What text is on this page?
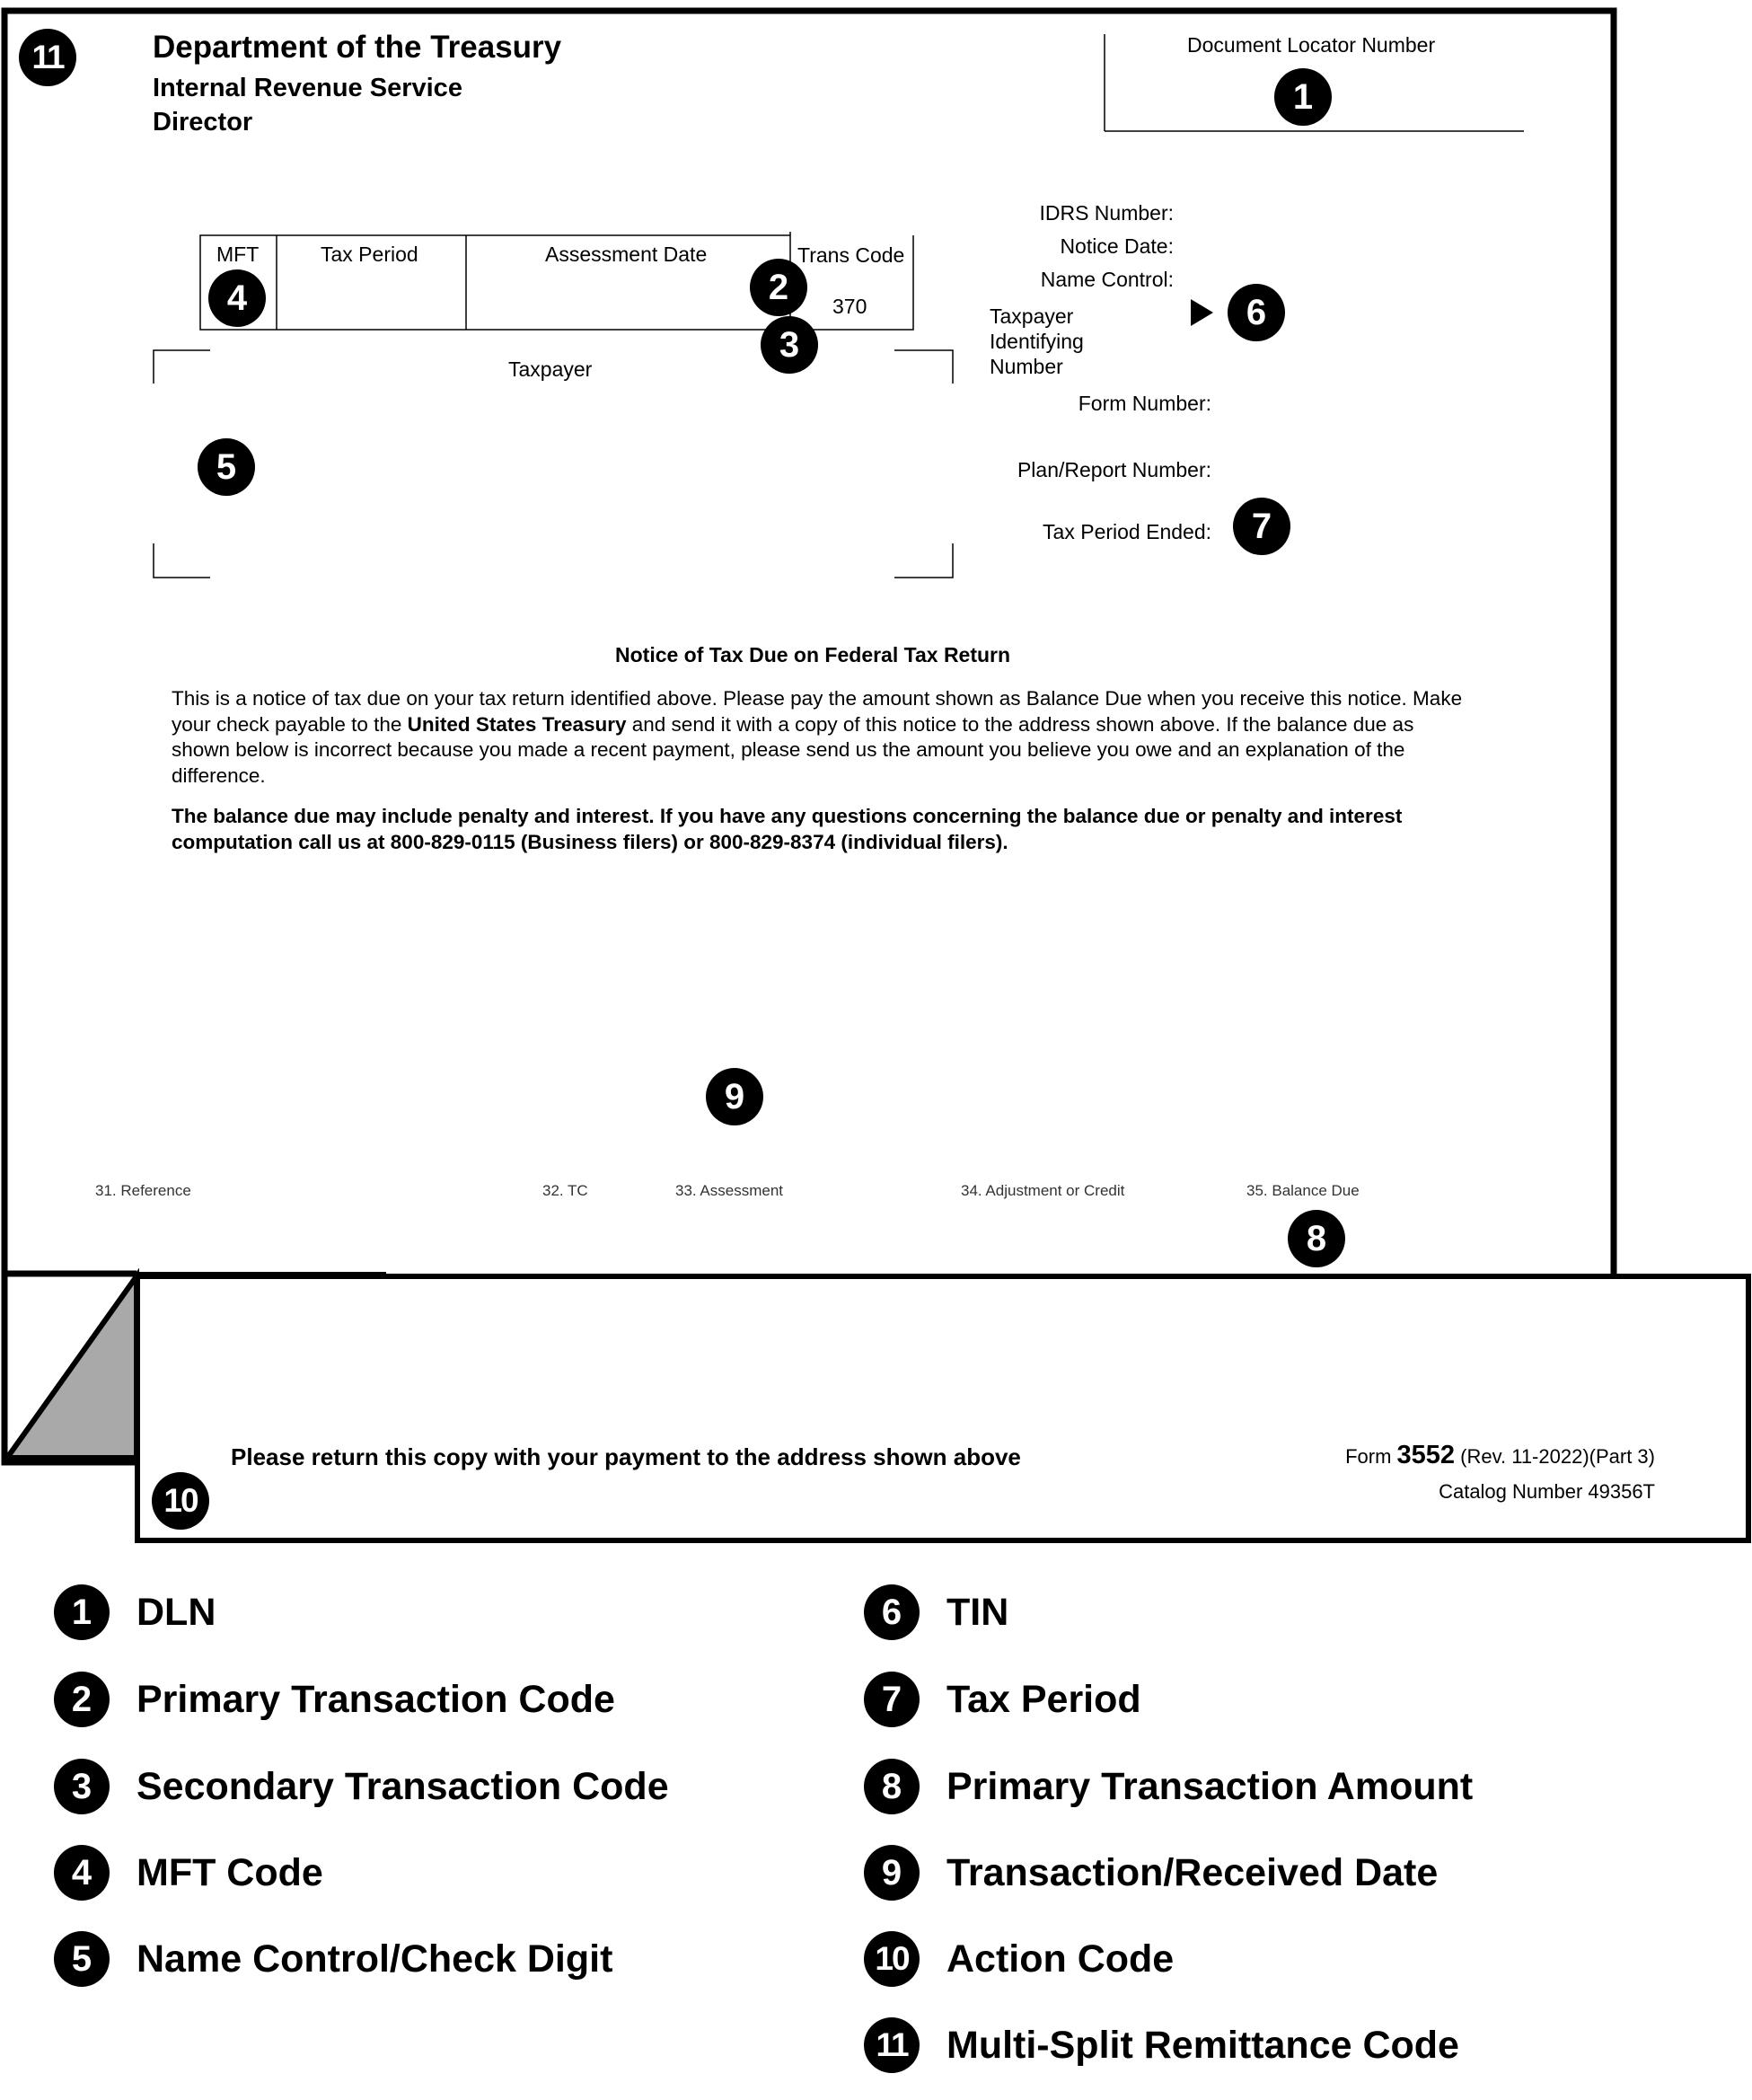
Department of the Treasury
Internal Revenue Service
Director
Document Locator Number
MFT	Tax Period	Assessment Date	Trans Code
370
Taxpayer
IDRS Number:
Notice Date:
Name Control:
Taxpayer
Identifying
Number
Form Number:
Plan/Report Number:
Tax Period Ended:
Notice of Tax Due on Federal Tax Return
This is a notice of tax due on your tax return identified above. Please pay the amount shown as Balance Due when you receive this notice. Make your check payable to the United States Treasury and send it with a copy of this notice to the address shown above. If the balance due as shown below is incorrect because you made a recent payment, please send us the amount you believe you owe and an explanation of the difference.
The balance due may include penalty and interest. If you have any questions concerning the balance due or penalty and interest computation call us at 800-829-0115 (Business filers) or 800-829-8374 (individual filers).
31. Reference	32. TC	33. Assessment	34. Adjustment or Credit	35. Balance Due
Please return this copy with your payment to the address shown above	Form 3552 (Rev. 11-2022)(Part 3)
Catalog Number 49356T
11
1
4	2
3
6
5
7
9
8
10
1	DLN
2	Primary Transaction Code
3	Secondary Transaction Code
4	MFT Code
5	Name Control/Check Digit
6	TIN
7	Tax Period
8	Primary Transaction Amount
9	Transaction/Received Date
10 Action Code
11	Multi-Split Remittance Code
